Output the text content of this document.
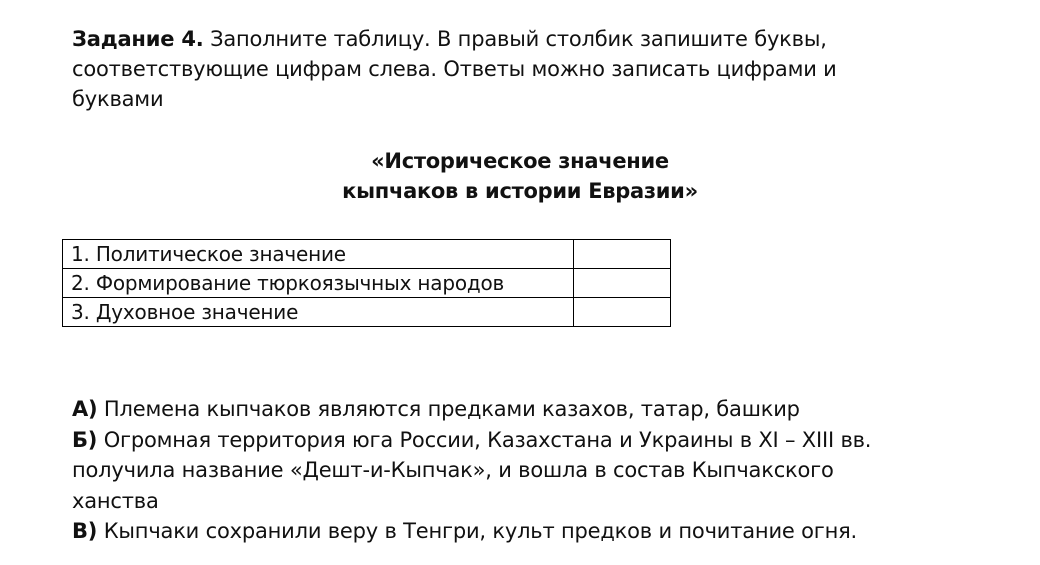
Задание 4. Заполните таблицу. В правый столбик запишите буквы,
соответствующие цифрам слева. Ответы можно записать цифрами и
буквами
«Историческое значение
кыпчаков в истории Евразии»
1. Политическое значение	
2. Формирование тюркоязычных народов	
3. Духовное значение	
А) Племена кыпчаков являются предками казахов, татар, башкир
Б) Огромная территория юга России, Казахстана и Украины в XI – XIII вв.
получила название «Дешт-и-Кыпчак», и вошла в состав Кыпчакского
ханства
В) Кыпчаки сохранили веру в Тенгри, культ предков и почитание огня.
